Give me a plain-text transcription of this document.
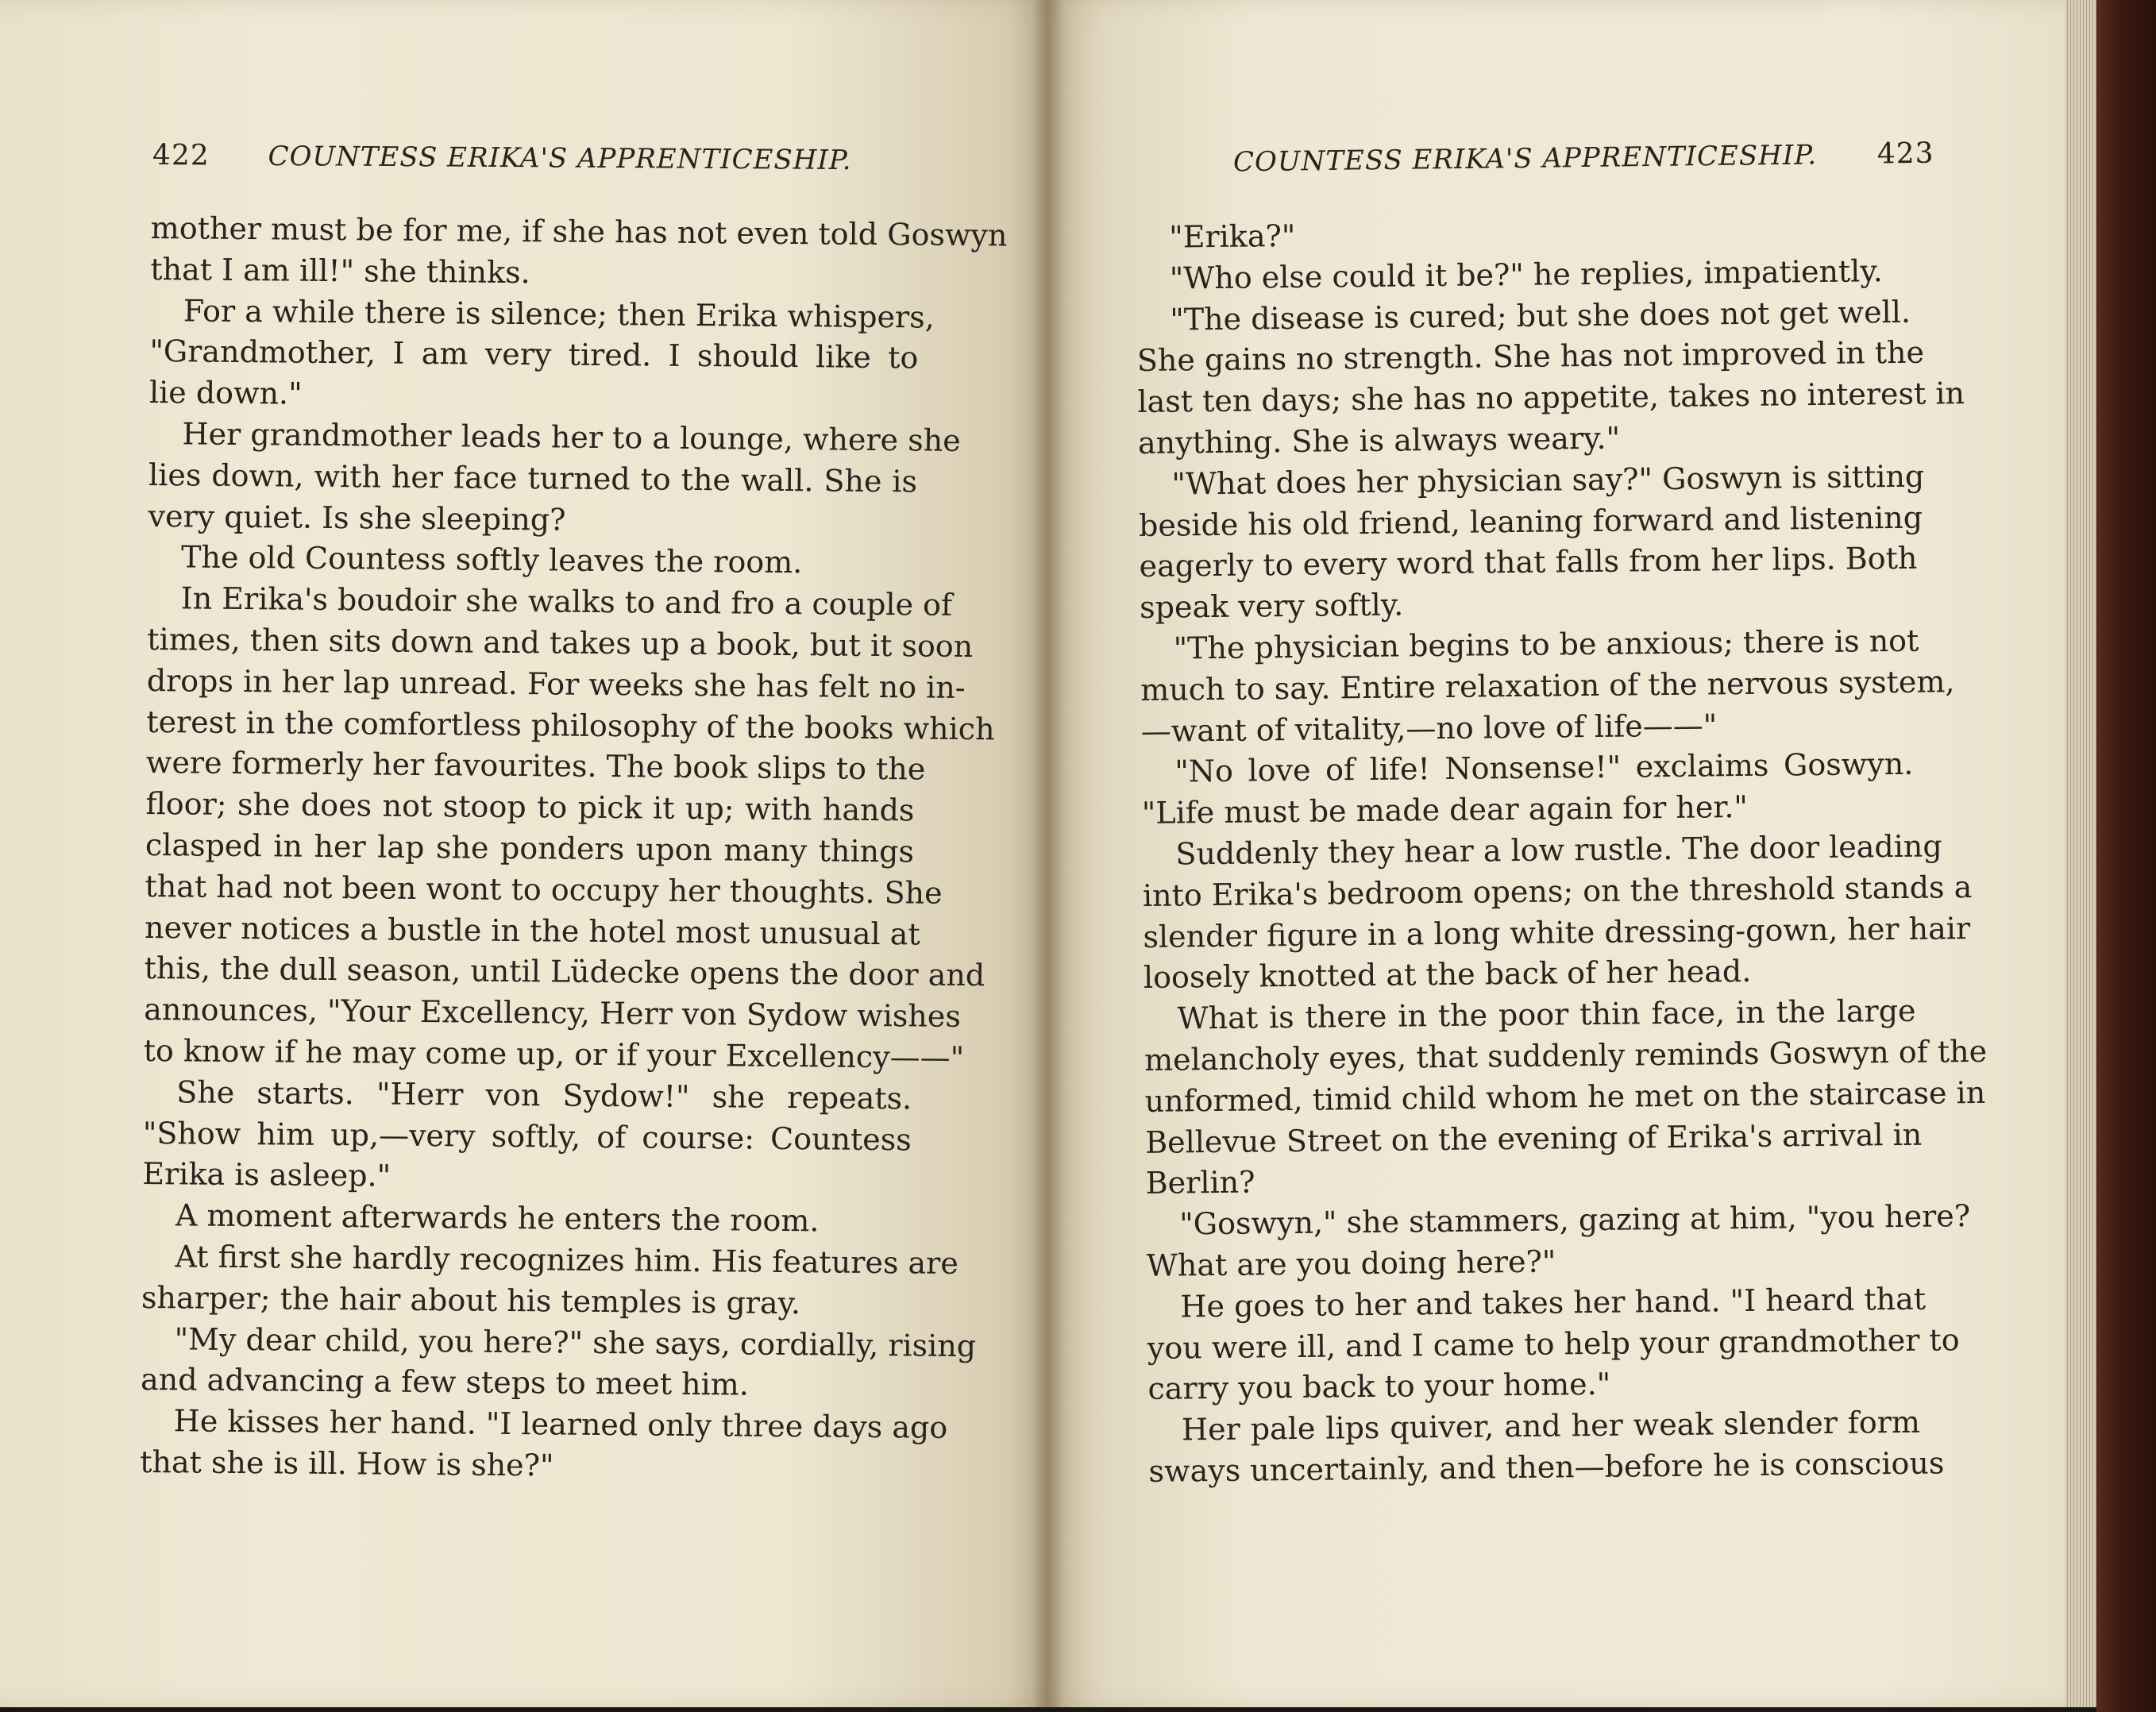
422 COUNTESS ERIKA'S APPRENTICESHIP.
mother must be for me, if she has not even told Goswyn
that I am ill!" she thinks.
For a while there is silence; then Erika whispers,
"Grandmother, I am very tired. I should like to
lie down."
Her grandmother leads her to a lounge, where she
lies down, with her face turned to the wall. She is
very quiet. Is she sleeping?
The old Countess softly leaves the room.
In Erika's boudoir she walks to and fro a couple of
times, then sits down and takes up a book, but it soon
drops in her lap unread. For weeks she has felt no in-
terest in the comfortless philosophy of the books which
were formerly her favourites. The book slips to the
floor; she does not stoop to pick it up; with hands
clasped in her lap she ponders upon many things
that had not been wont to occupy her thoughts. She
never notices a bustle in the hotel most unusual at
this, the dull season, until Lüdecke opens the door and
announces, "Your Excellency, Herr von Sydow wishes
to know if he may come up, or if your Excellency——"
She starts. "Herr von Sydow!" she repeats.
"Show him up,—very softly, of course: Countess
Erika is asleep."
A moment afterwards he enters the room.
At first she hardly recognizes him. His features are
sharper; the hair about his temples is gray.
"My dear child, you here?" she says, cordially, rising
and advancing a few steps to meet him.
He kisses her hand. "I learned only three days ago
that she is ill. How is she?"
COUNTESS ERIKA'S APPRENTICESHIP. 423
"Erika?"
"Who else could it be?" he replies, impatiently.
"The disease is cured; but she does not get well.
She gains no strength. She has not improved in the
last ten days; she has no appetite, takes no interest in
anything. She is always weary."
"What does her physician say?" Goswyn is sitting
beside his old friend, leaning forward and listening
eagerly to every word that falls from her lips. Both
speak very softly.
"The physician begins to be anxious; there is not
much to say. Entire relaxation of the nervous system,
—want of vitality,—no love of life——"
"No love of life! Nonsense!" exclaims Goswyn.
"Life must be made dear again for her."
Suddenly they hear a low rustle. The door leading
into Erika's bedroom opens; on the threshold stands a
slender figure in a long white dressing-gown, her hair
loosely knotted at the back of her head.
What is there in the poor thin face, in the large
melancholy eyes, that suddenly reminds Goswyn of the
unformed, timid child whom he met on the staircase in
Bellevue Street on the evening of Erika's arrival in
Berlin?
"Goswyn," she stammers, gazing at him, "you here?
What are you doing here?"
He goes to her and takes her hand. "I heard that
you were ill, and I came to help your grandmother to
carry you back to your home."
Her pale lips quiver, and her weak slender form
sways uncertainly, and then—before he is conscious
